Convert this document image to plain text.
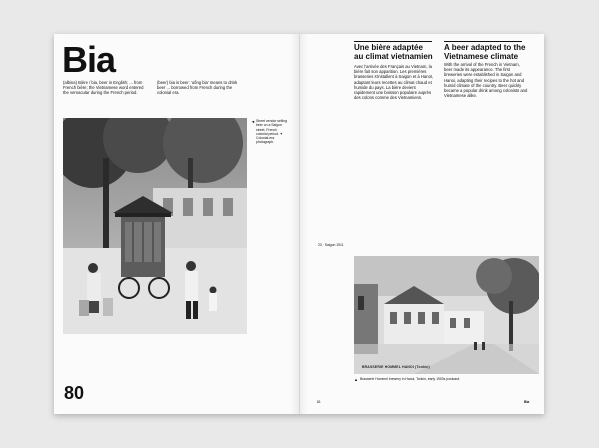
Bia
(albina) Bière / bia, beer in English; ... from French bière; the Vietnamese word entered the vernacular during the French period.
(beer) bia is beer: 'uống bia' means to drink beer ... borrowed from French during the colonial era.
◄ Street vendor selling beer on a Saigon street, French colonial period. ✦ Colonial-era photograph.
80
Une bière adaptée au climat vietnamien
A beer adapted to the Vietnamese climate
Avec l'arrivée des Français au Vietnam, la bière fait son apparition. Les premières brasseries s'installent à Saigon et à Hanoï, adaptant leurs recettes au climat chaud et humide du pays. La bière devient rapidement une boisson populaire auprès des colons comme des Vietnamiens.
With the arrival of the French in Vietnam, beer made its appearance. The first breweries were established in Saigon and Hanoi, adapting their recipes to the hot and humid climate of the country. Beer quickly became a popular drink among colonists and Vietnamese alike.
23 · Saigon 1911
BRASSERIE HOMMEL HANOI (Tonkin)
▲ Brasserie Hommel brewery in Hanoi, Tonkin, early 1900s postcard.
81	Bia
